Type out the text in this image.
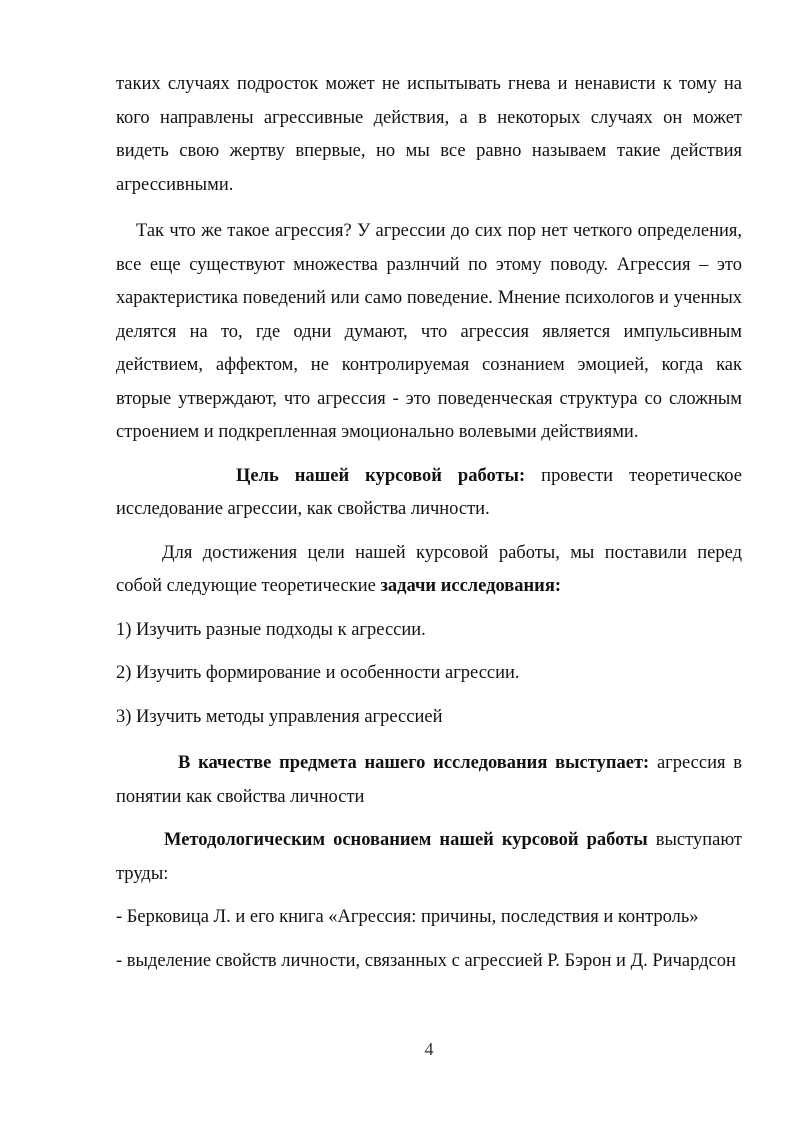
таких случаях подросток может не испытывать гнева и ненависти к тому на кого направлены агрессивные действия, а в некоторых случаях он может видеть свою жертву впервые, но мы все равно называем такие действия агрессивными.

Так что же такое агрессия? У агрессии до сих пор нет четкого определения, все еще существуют множества разлнчий по этому поводу. Агрессия – это характеристика поведений или само поведение. Мнение психологов и ученных делятся на то, где одни думают, что агрессия является импульсивным действием, аффектом, не контролируемая сознанием эмоцией, когда как вторые утверждают, что агрессия - это поведенческая структура со сложным строением и подкрепленная эмоционально волевыми действиями.

Цель нашей курсовой работы: провести теоретическое исследование агрессии, как свойства личности.

Для достижения цели нашей курсовой работы, мы поставили перед собой следующие теоретические задачи исследования:

1) Изучить разные подходы к агрессии.

2) Изучить формирование и особенности агрессии.

3) Изучить методы управления агрессией

В качестве предмета нашего исследования выступает: агрессия в понятии как свойства личности

Методологическим основанием нашей курсовой работы выступают труды:

- Берковица Л. и его книга «Агрессия: причины, последствия и контроль»

- выделение свойств личности, связанных с агрессией Р. Бэрон и Д. Ричардсон

4
